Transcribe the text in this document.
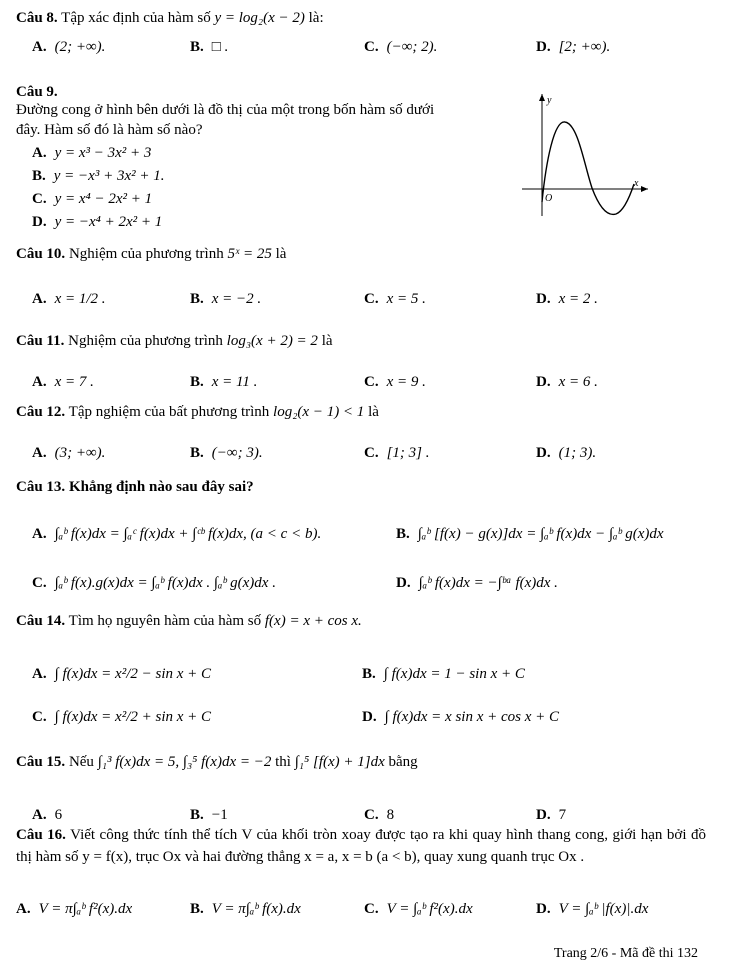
Câu 8. Tập xác định của hàm số y = log₂(x − 2) là:
A. (2; +∞).	B. □ .	C. (−∞; 2).	D. [2; +∞).
Câu 9.
Đường cong ở hình bên dưới là đồ thị của một trong bốn hàm số dưới đây. Hàm số đó là hàm số nào?
A. y = x³ − 3x² + 3
B. y = −x³ + 3x² + 1.
C. y = x⁴ − 2x² + 1
D. y = −x⁴ + 2x² + 1
y
x
O
Câu 10. Nghiệm của phương trình 5ˣ = 25 là
A. x = 1/2 .	B. x = −2 .	C. x = 5 .	D. x = 2 .
Câu 11. Nghiệm của phương trình log₃(x + 2) = 2 là
A. x = 7 .	B. x = 11 .	C. x = 9 .	D. x = 6 .
Câu 12. Tập nghiệm của bất phương trình log₂(x − 1) < 1 là
A. (3; +∞).	B. (−∞; 3).	C. [1; 3] .	D. (1; 3).
Câu 13. Khẳng định nào sau đây sai?
A. ∫ₐᵇ f(x)dx = ∫ₐᶜ f(x)dx + ∫ᶜᵇ f(x)dx, (a < c < b).	B. ∫ₐᵇ [f(x) − g(x)]dx = ∫ₐᵇ f(x)dx − ∫ₐᵇ g(x)dx
C. ∫ₐᵇ f(x).g(x)dx = ∫ₐᵇ f(x)dx . ∫ₐᵇ g(x)dx .	D. ∫ₐᵇ f(x)dx = −∫ᵇᵃ f(x)dx .
Câu 14. Tìm họ nguyên hàm của hàm số f(x) = x + cos x.
A. ∫ f(x)dx = x²/2 − sin x + C	B. ∫ f(x)dx = 1 − sin x + C
C. ∫ f(x)dx = x²/2 + sin x + C	D. ∫ f(x)dx = x sin x + cos x + C
Câu 15. Nếu ∫₁³ f(x)dx = 5, ∫₃⁵ f(x)dx = −2 thì ∫₁⁵ [f(x) + 1]dx bằng
A. 6	B. −1	C. 8	D. 7
Câu 16. Viết công thức tính thể tích V của khối tròn xoay được tạo ra khi quay hình thang cong, giới hạn bởi đồ thị hàm số y = f(x), trục Ox và hai đường thẳng x = a, x = b (a < b), quay xung quanh trục Ox .
A. V = π∫ₐᵇ f²(x).dx	B. V = π∫ₐᵇ f(x).dx	C. V = ∫ₐᵇ f²(x).dx	D. V = ∫ₐᵇ |f(x)|.dx
Trang 2/6 - Mã đề thi 132
